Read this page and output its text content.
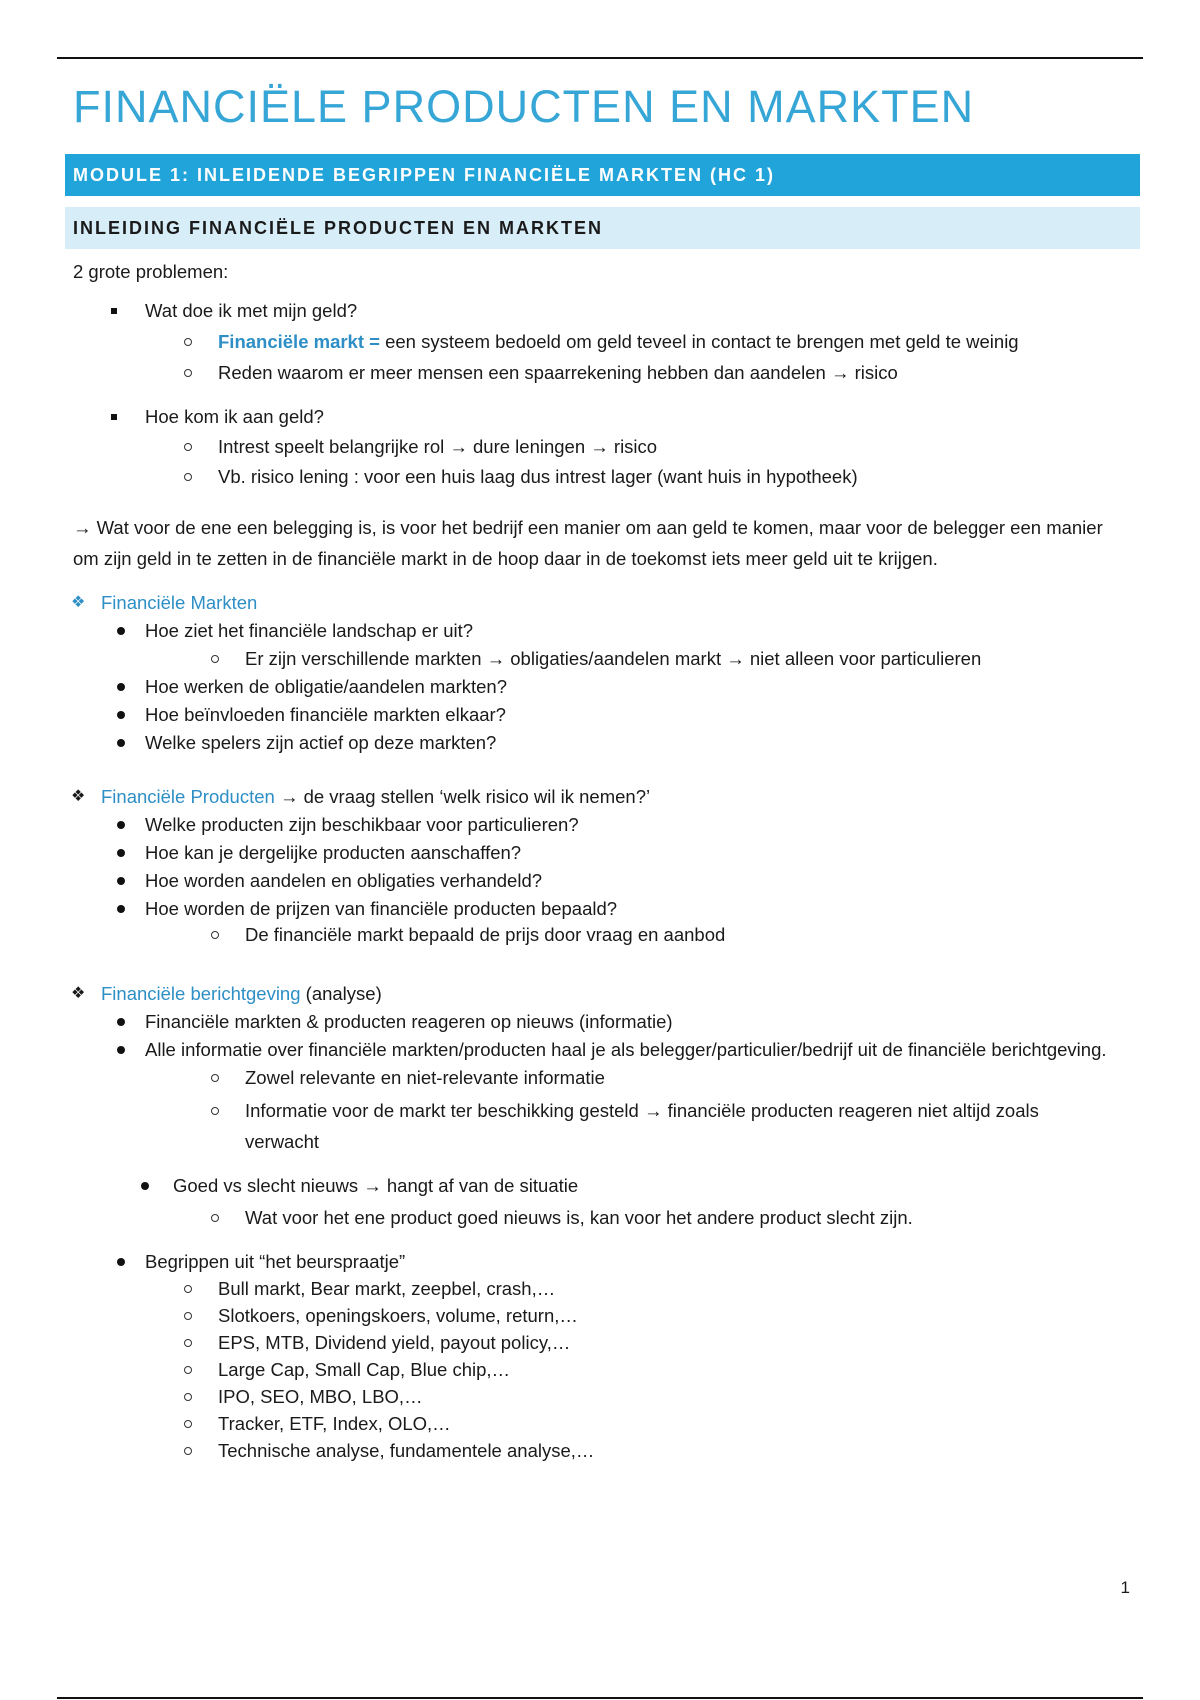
FINANCIËLE PRODUCTEN EN MARKTEN
MODULE 1: INLEIDENDE BEGRIPPEN FINANCIËLE MARKTEN (HC 1)
INLEIDING FINANCIËLE PRODUCTEN EN MARKTEN
2 grote problemen:
Wat doe ik met mijn geld?
Financiële markt = een systeem bedoeld om geld teveel in contact te brengen met geld te weinig
Reden waarom er meer mensen een spaarrekening hebben dan aandelen → risico
Hoe kom ik aan geld?
Intrest speelt belangrijke rol → dure leningen → risico
Vb. risico lening : voor een huis laag dus intrest lager (want huis in hypotheek)
→ Wat voor de ene een belegging is, is voor het bedrijf een manier om aan geld te komen, maar voor de belegger een manier om zijn geld in te zetten in de financiële markt in de hoop daar in de toekomst iets meer geld uit te krijgen.
❖ Financiële Markten
Hoe ziet het financiële landschap er uit?
Er zijn verschillende markten → obligaties/aandelen markt → niet alleen voor particulieren
Hoe werken de obligatie/aandelen markten?
Hoe beïnvloeden financiële markten elkaar?
Welke spelers zijn actief op deze markten?
❖ Financiële Producten → de vraag stellen ‘welk risico wil ik nemen?’
Welke producten zijn beschikbaar voor particulieren?
Hoe kan je dergelijke producten aanschaffen?
Hoe worden aandelen en obligaties verhandeld?
Hoe worden de prijzen van financiële producten bepaald?
De financiële markt bepaald de prijs door vraag en aanbod
❖ Financiële berichtgeving (analyse)
Financiële markten & producten reageren op nieuws (informatie)
Alle informatie over financiële markten/producten haal je als belegger/particulier/bedrijf uit de financiële berichtgeving.
Zowel relevante en niet-relevante informatie
Informatie voor de markt ter beschikking gesteld → financiële producten reageren niet altijd zoals verwacht
Goed vs slecht nieuws → hangt af van de situatie
Wat voor het ene product goed nieuws is, kan voor het andere product slecht zijn.
Begrippen uit “het beurspraatje”
Bull markt, Bear markt, zeepbel, crash,…
Slotkoers, openingskoers, volume, return,…
EPS, MTB, Dividend yield, payout policy,…
Large Cap, Small Cap, Blue chip,…
IPO, SEO, MBO, LBO,…
Tracker, ETF, Index, OLO,…
Technische analyse, fundamentele analyse,…
1
